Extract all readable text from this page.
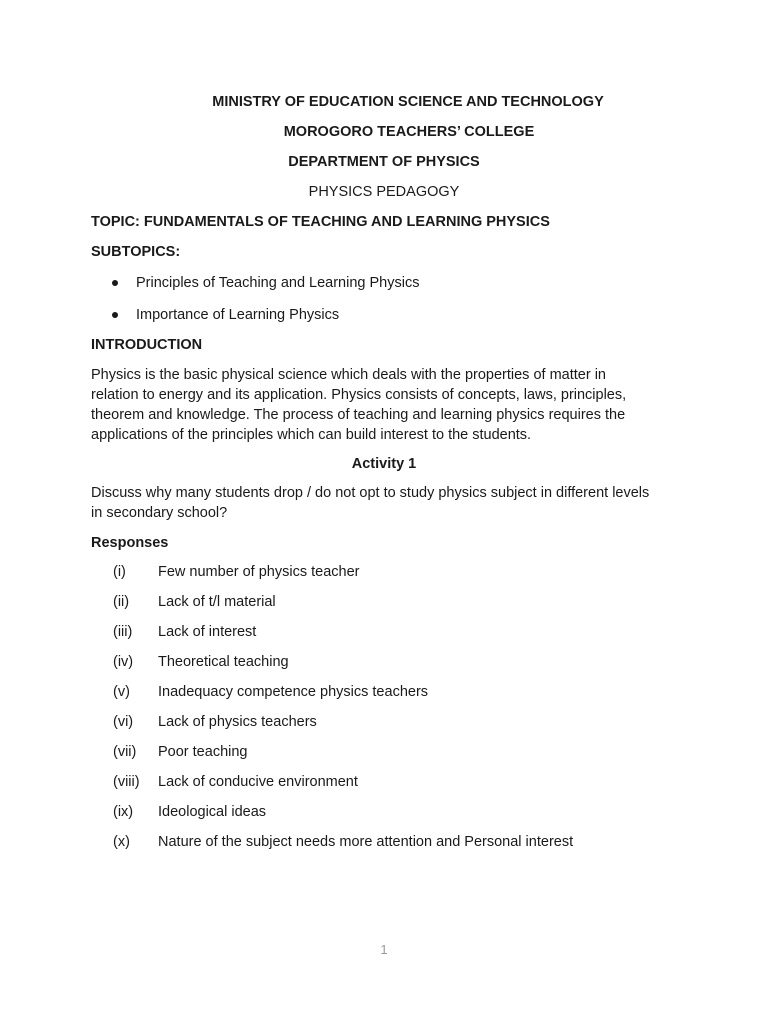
MINISTRY OF EDUCATION SCIENCE AND TECHNOLOGY
MOROGORO TEACHERS’ COLLEGE
DEPARTMENT OF PHYSICS
PHYSICS PEDAGOGY
TOPIC: FUNDAMENTALS OF TEACHING AND LEARNING PHYSICS
SUBTOPICS:
Principles of Teaching and Learning Physics
Importance of Learning Physics
INTRODUCTION
Physics is the basic physical science which deals with the properties of matter in
relation to energy and its application. Physics consists of concepts, laws, principles,
theorem and knowledge. The process of teaching and learning physics requires the
applications of the principles which can build interest to the students.
Activity 1
Discuss why many students drop / do not opt to study physics subject in different levels
in secondary school?
Responses
(i) Few number of physics teacher
(ii) Lack of t/l material
(iii) Lack of interest
(iv) Theoretical teaching
(v) Inadequacy competence physics teachers
(vi) Lack of physics teachers
(vii) Poor teaching
(viii) Lack of conducive environment
(ix) Ideological ideas
(x) Nature of the subject needs more attention and Personal interest
1
